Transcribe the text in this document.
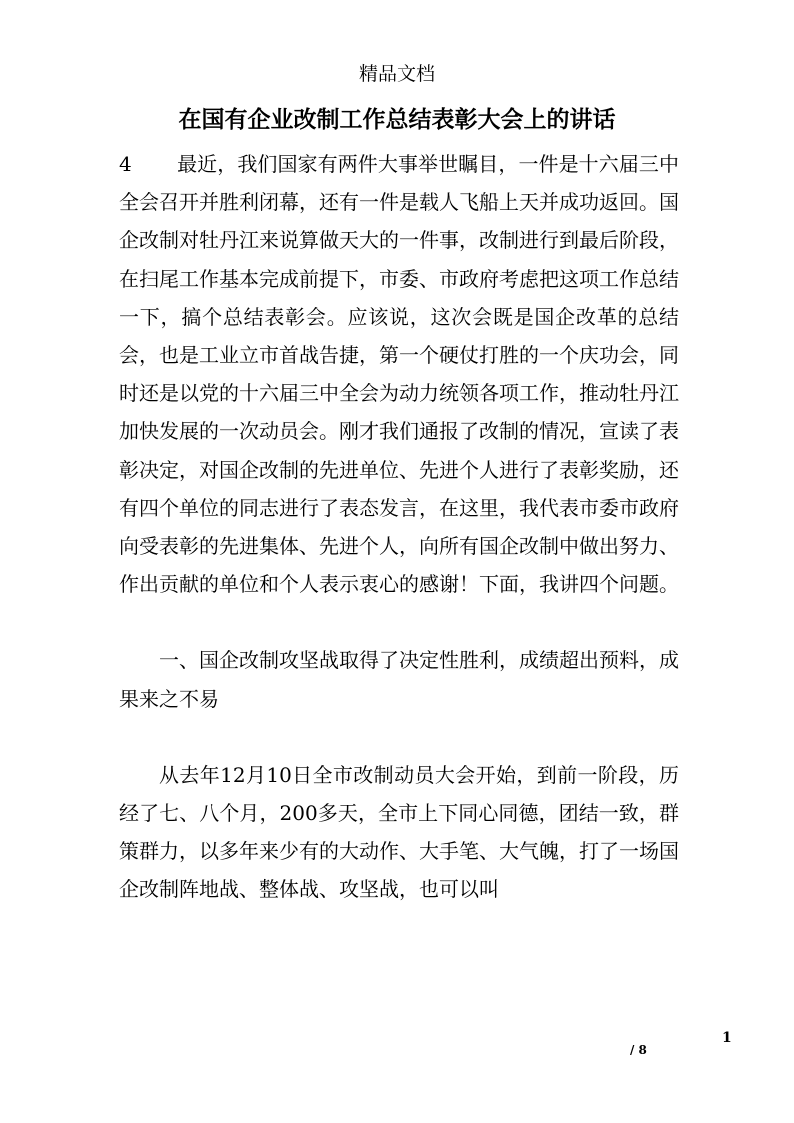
精品文档
在国有企业改制工作总结表彰大会上的讲话

4 最近，我们国家有两件大事举世瞩目，一件是十六届三中全会召开并胜利闭幕，还有一件是载人飞船上天并成功返回。国企改制对牡丹江来说算做天大的一件事，改制进行到最后阶段，在扫尾工作基本完成前提下，市委、市政府考虑把这项工作总结一下，搞个总结表彰会。应该说，这次会既是国企改革的总结会，也是工业立市首战告捷，第一个硬仗打胜的一个庆功会，同时还是以党的十六届三中全会为动力统领各项工作，推动牡丹江加快发展的一次动员会。刚才我们通报了改制的情况，宣读了表彰决定，对国企改制的先进单位、先进个人进行了表彰奖励，还有四个单位的同志进行了表态发言，在这里，我代表市委市政府向受表彰的先进集体、先进个人，向所有国企改制中做出努力、作出贡献的单位和个人表示衷心的感谢！下面，我讲四个问题。

一、国企改制攻坚战取得了决定性胜利，成绩超出预料，成果来之不易

从去年12月10日全市改制动员大会开始，到前一阶段，历经了七、八个月，200多天，全市上下同心同德，团结一致，群策群力，以多年来少有的大动作、大手笔、大气魄，打了一场国企改制阵地战、整体战、攻坚战，也可以叫

1
/ 8
